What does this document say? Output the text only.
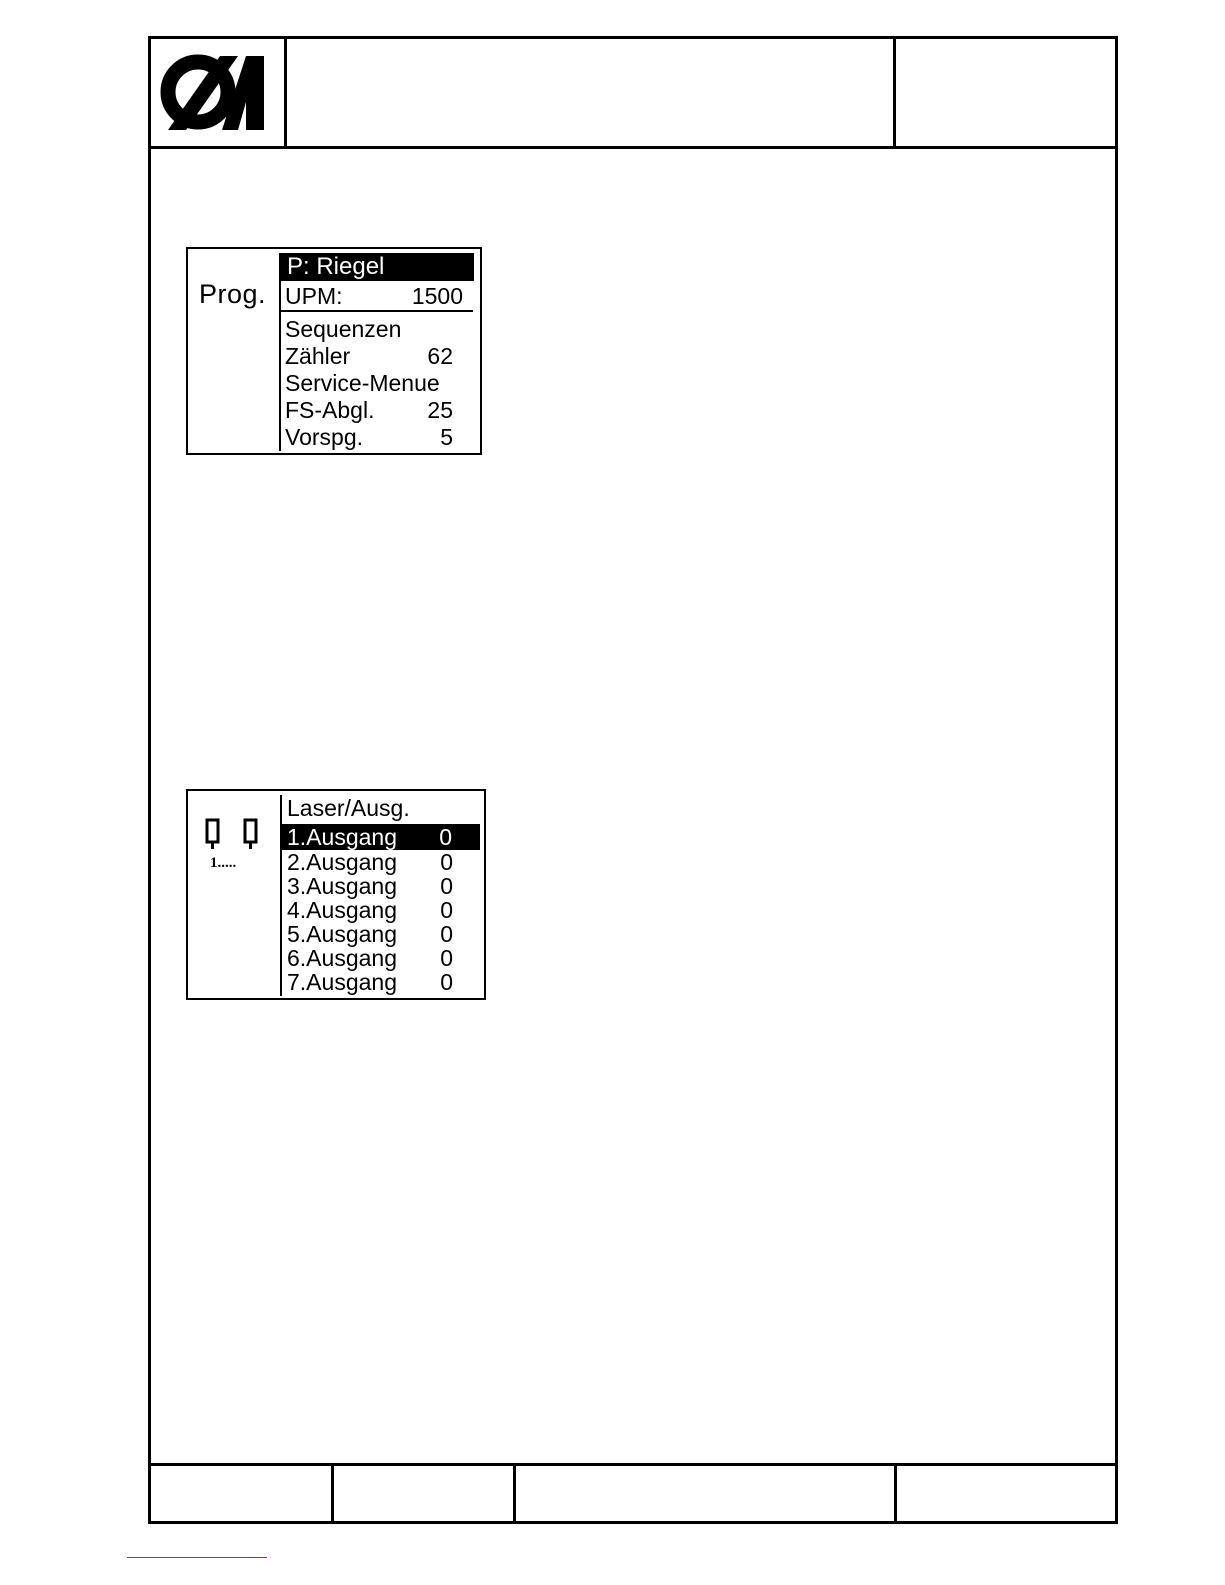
Prog.
P: Riegel
UPM:	1500
Sequenzen
Zähler	62
Service-Menue
FS-Abgl. 25
Vorspg.	5
1.....
Laser/Ausg.
1.Ausgang 0
2.Ausgang 0
3.Ausgang 0
4.Ausgang 0
5.Ausgang 0
6.Ausgang 0
7.Ausgang 0
